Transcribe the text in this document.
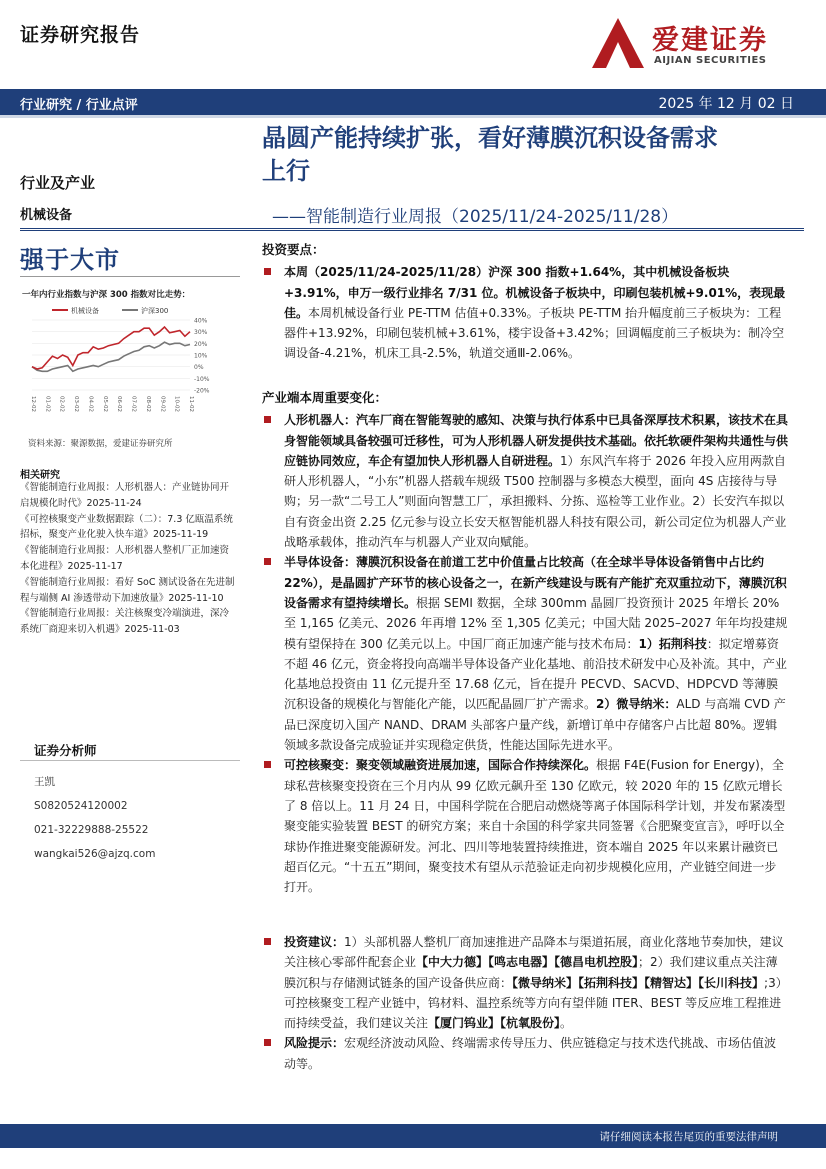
证券研究报告	爱建证券
AIJIAN SECURITIES
行业研究 / 行业点评	2025 年 12 月 02 日
晶圆产能持续扩张，看好薄膜沉积设备需求
上行
——智能制造行业周报（2025/11/24-2025/11/28）
行业及产业
机械设备
强于大市
一年内行业指数与沪深 300 指数对比走势：
机械设备	沪深300
40%
30%
20%
10%
0%
-10%
-20%
12-02 01-02 02-02 03-02 04-02 05-02 06-02 07-02 08-02 09-02 10-02 11-02
资料来源：聚源数据，爱建证券研究所
相关研究
《智能制造行业周报：人形机器人：产业链协同开启规模化时代》2025-11-24
《可控核聚变产业数据跟踪（二）：7.3 亿瓯温系统招标，聚变产业化驶入快车道》2025-11-19
《智能制造行业周报：人形机器人整机厂正加速资本化进程》2025-11-17
《智能制造行业周报：看好 SoC 测试设备在先进制程与端侧 AI 渗透带动下加速放量》2025-11-10
《智能制造行业周报：关注核聚变冷端演进，深冷系统厂商迎来切入机遇》2025-11-03
证券分析师
王凯
S0820524120002
021-32229888-25522
wangkai526@ajzq.com
投资要点：
本周（2025/11/24-2025/11/28）沪深 300 指数+1.64%，其中机械设备板块+3.91%，申万一级行业排名 7/31 位。机械设备子板块中，印刷包装机械+9.01%，表现最佳。本周机械设备行业 PE-TTM 估值+0.33%。子板块 PE-TTM 抬升幅度前三子板块为：工程器件+13.92%，印刷包装机械+3.61%，楼宇设备+3.42%；回调幅度前三子板块为：制冷空调设备-4.21%，机床工具-2.5%，轨道交通Ⅲ-2.06%。
产业端本周重要变化：
人形机器人：汽车厂商在智能驾驶的感知、决策与执行体系中已具备深厚技术积累，该技术在具身智能领域具备较强可迁移性，可为人形机器人研发提供技术基础。依托软硬件架构共通性与供应链协同效应，车企有望加快人形机器人自研进程。1）东风汽车将于 2026 年投入应用两款自研人形机器人，“小东”机器人搭载车规级 T500 控制器与多模态大模型，面向 4S 店接待与导购；另一款“二号工人”则面向智慧工厂，承担搬料、分拣、巡检等工业作业。2）长安汽车拟以自有资金出资 2.25 亿元参与设立长安天枢智能机器人科技有限公司，新公司定位为机器人产业战略承载体，推动汽车与机器人产业双向赋能。
半导体设备：薄膜沉积设备在前道工艺中价值量占比较高（在全球半导体设备销售中占比约 22%），是晶圆扩产环节的核心设备之一，在新产线建设与既有产能扩充双重拉动下，薄膜沉积设备需求有望持续增长。根据 SEMI 数据，全球 300mm 晶圆厂投资预计 2025 年增长 20% 至 1,165 亿美元、2026 年再增 12% 至 1,305 亿美元；中国大陆 2025–2027 年年均投建规模有望保持在 300 亿美元以上。中国厂商正加速产能与技术布局：1）拓荆科技：拟定增募资不超 46 亿元，资金将投向高端半导体设备产业化基地、前沿技术研发中心及补流。其中，产业化基地总投资由 11 亿元提升至 17.68 亿元，旨在提升 PECVD、SACVD、HDPCVD 等薄膜沉积设备的规模化与智能化产能，以匹配晶圆厂扩产需求。2）微导纳米：ALD 与高端 CVD 产品已深度切入国产 NAND、DRAM 头部客户量产线，新增订单中存储客户占比超 80%。逻辑领域多款设备完成验证并实现稳定供货，性能达国际先进水平。
可控核聚变：聚变领域融资进展加速，国际合作持续深化。根据 F4E(Fusion for Energy)，全球私营核聚变投资在三个月内从 99 亿欧元飙升至 130 亿欧元，较 2020 年的 15 亿欧元增长了 8 倍以上。11 月 24 日，中国科学院在合肥启动燃烧等离子体国际科学计划，并发布紧凑型聚变能实验装置 BEST 的研究方案；来自十余国的科学家共同签署《合肥聚变宣言》，呼吁以全球协作推进聚变能源研发。河北、四川等地装置持续推进，资本端自 2025 年以来累计融资已超百亿元。“十五五”期间，聚变技术有望从示范验证走向初步规模化应用，产业链空间进一步打开。
投资建议：1）头部机器人整机厂商加速推进产品降本与渠道拓展，商业化落地节奏加快，建议关注核心零部件配套企业【中大力德】【鸣志电器】【德昌电机控股】；2）我们建议重点关注薄膜沉积与存储测试链条的国产设备供应商：【微导纳米】【拓荆科技】【精智达】【长川科技】;3）可控核聚变工程产业链中，钨材料、温控系统等方向有望伴随 ITER、BEST 等反应堆工程推进而持续受益，我们建议关注【厦门钨业】【杭氧股份】。
风险提示：宏观经济波动风险、终端需求传导压力、供应链稳定与技术迭代挑战、市场估值波动等。
请仔细阅读本报告尾页的重要法律声明
